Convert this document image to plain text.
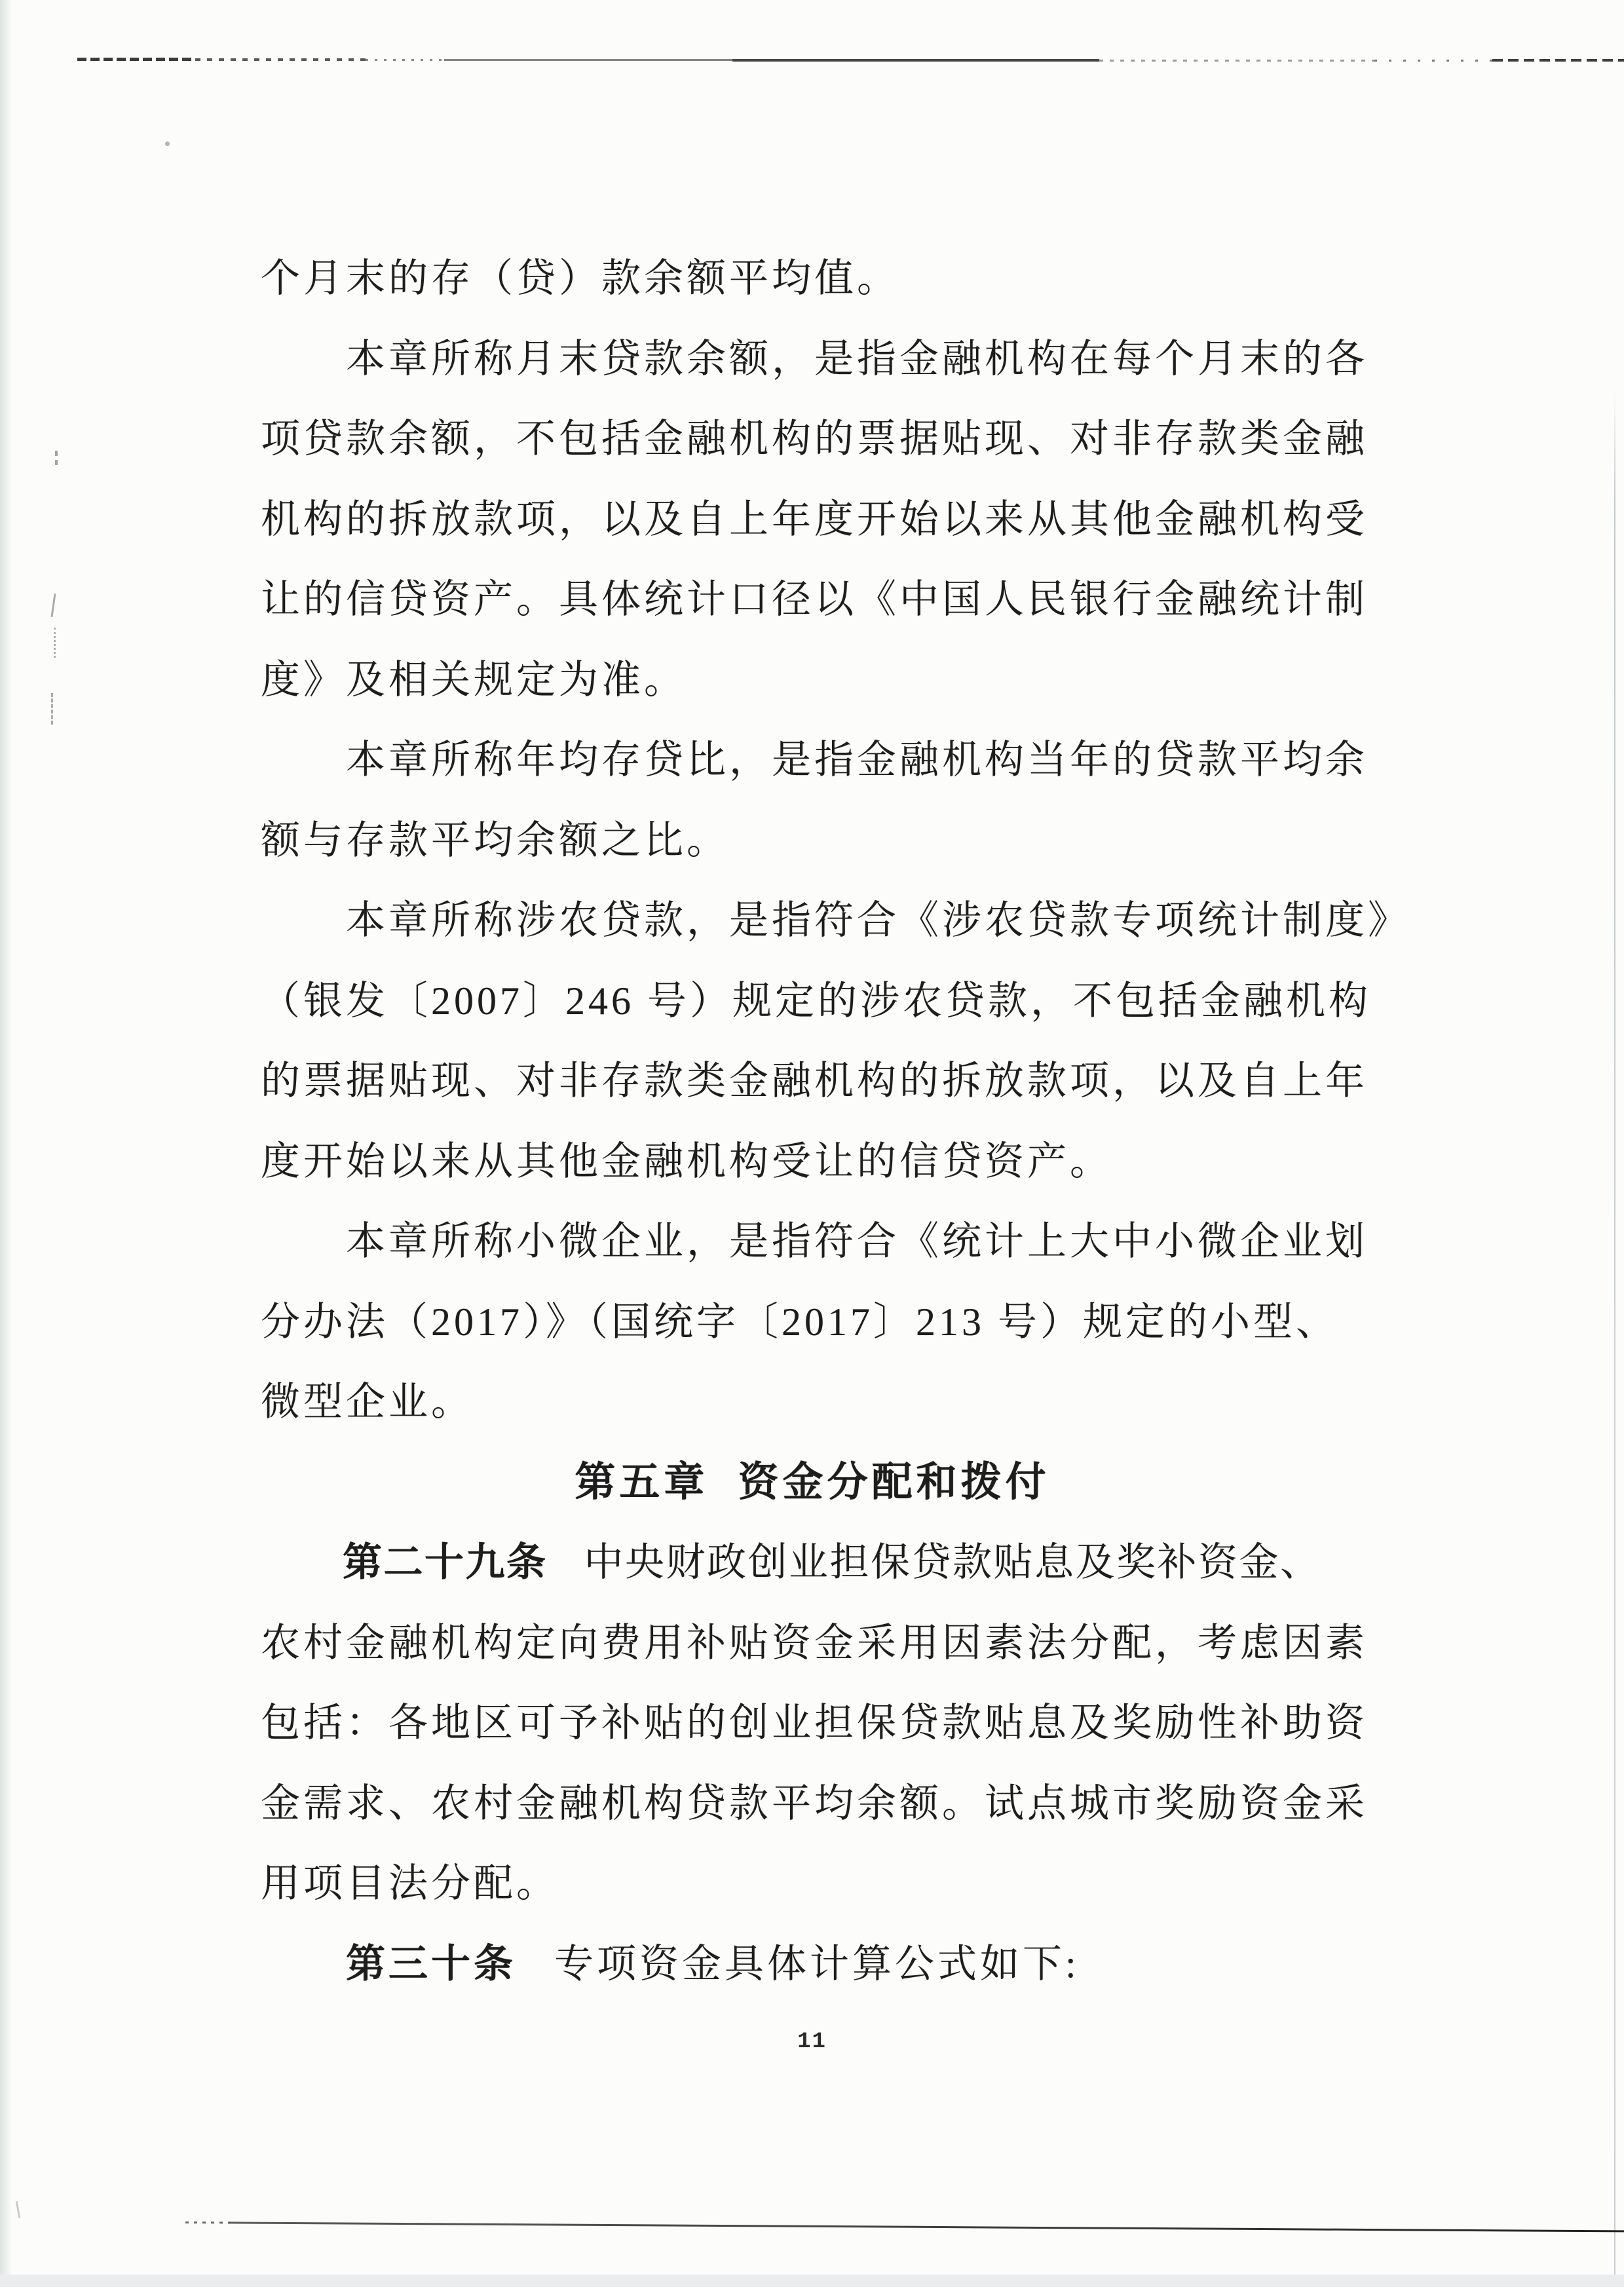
个月末的存（贷）款余额平均值。
本章所称月末贷款余额，是指金融机构在每个月末的各
项贷款余额，不包括金融机构的票据贴现、对非存款类金融
机构的拆放款项，以及自上年度开始以来从其他金融机构受
让的信贷资产。具体统计口径以《中国人民银行金融统计制
度》及相关规定为准。
本章所称年均存贷比，是指金融机构当年的贷款平均余
额与存款平均余额之比。
本章所称涉农贷款，是指符合《涉农贷款专项统计制度》
（银发〔2007〕246 号）规定的涉农贷款，不包括金融机构
的票据贴现、对非存款类金融机构的拆放款项，以及自上年
度开始以来从其他金融机构受让的信贷资产。
本章所称小微企业，是指符合《统计上大中小微企业划
分办法（2017）》（国统字〔2017〕213 号）规定的小型、
微型企业。
第五章 资金分配和拨付
第二十九条 中央财政创业担保贷款贴息及奖补资金、
农村金融机构定向费用补贴资金采用因素法分配，考虑因素
包括：各地区可予补贴的创业担保贷款贴息及奖励性补助资
金需求、农村金融机构贷款平均余额。试点城市奖励资金采
用项目法分配。
第三十条 专项资金具体计算公式如下:
11
